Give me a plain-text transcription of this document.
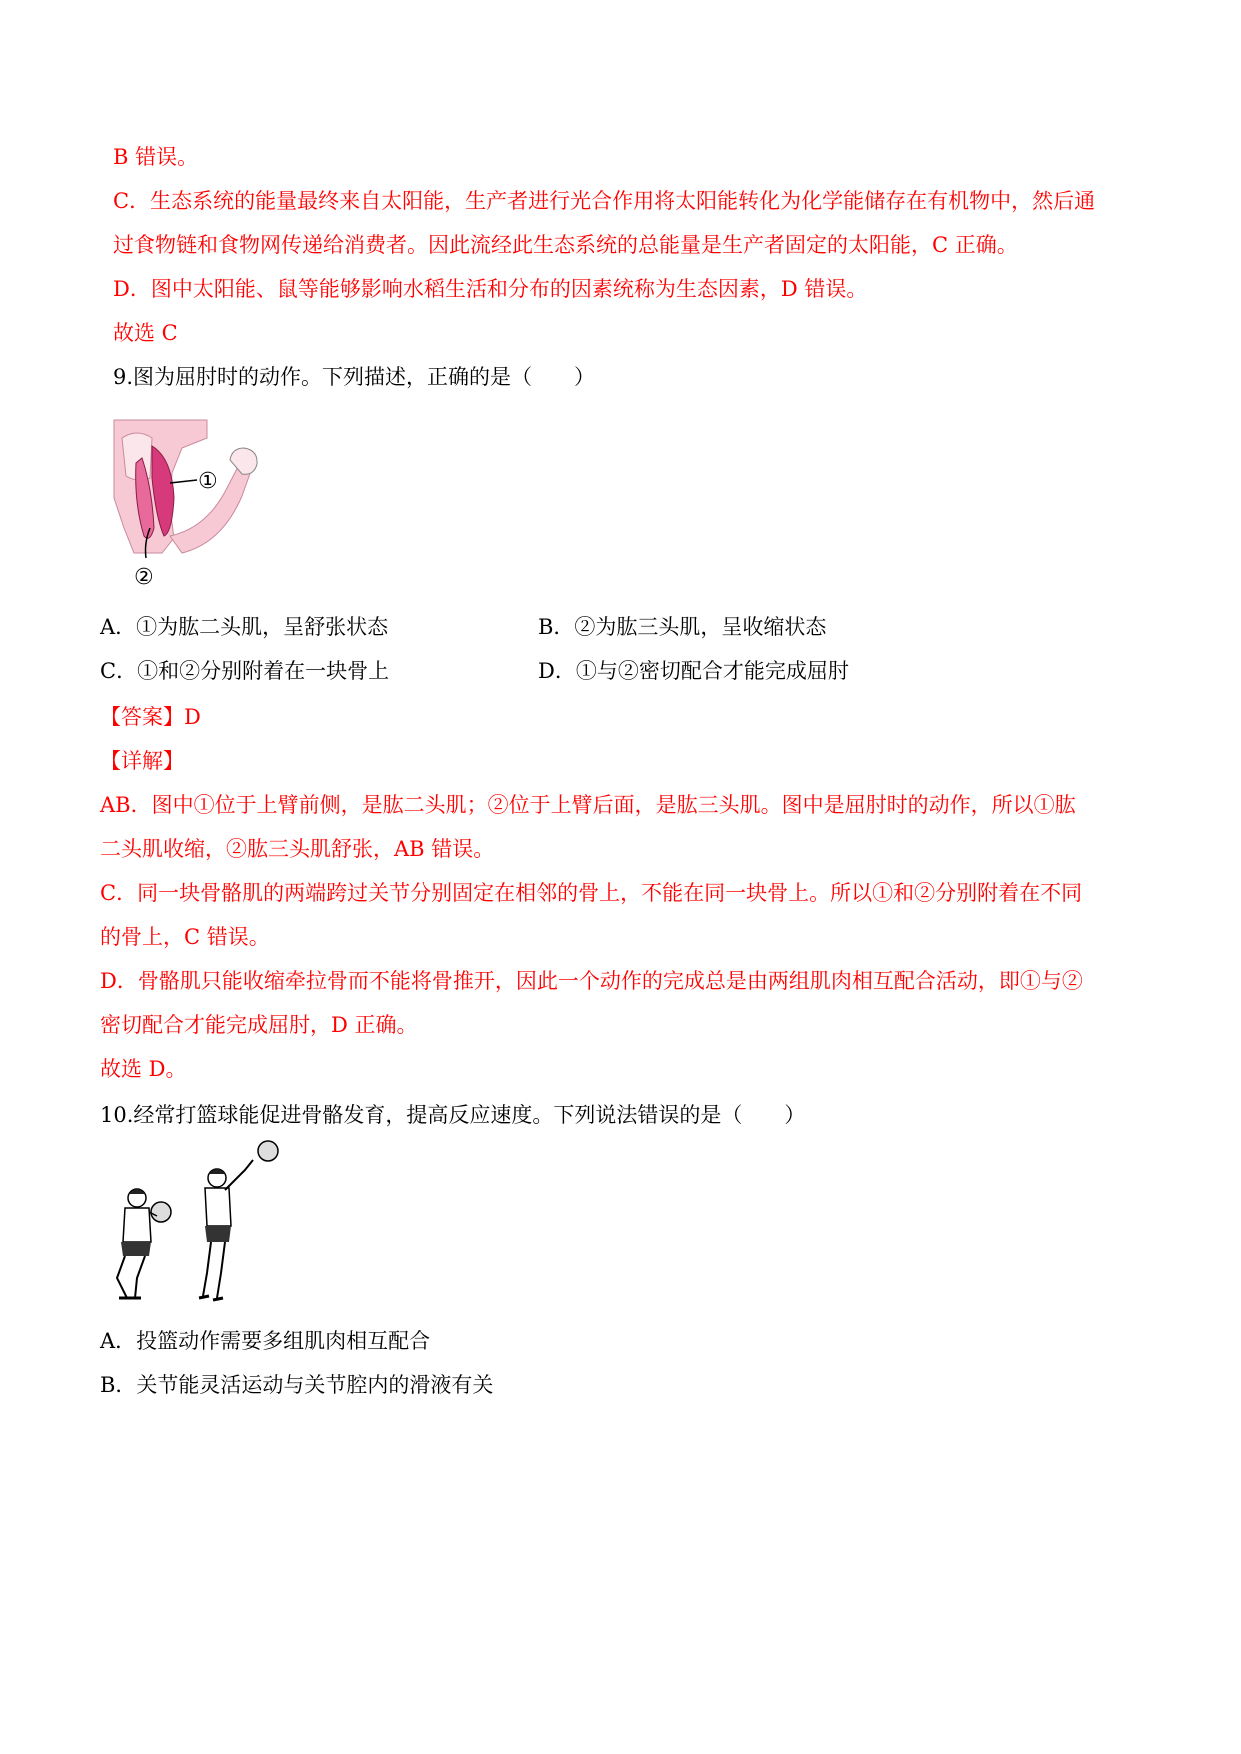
B 错误。
C．生态系统的能量最终来自太阳能，生产者进行光合作用将太阳能转化为化学能储存在有机物中，然后通
过食物链和食物网传递给消费者。因此流经此生态系统的总能量是生产者固定的太阳能，C 正确。
D．图中太阳能、鼠等能够影响水稻生活和分布的因素统称为生态因素，D 错误。
故选 C
9.图为屈肘时的动作。下列描述，正确的是（　　）
①
②
A．①为肱二头肌，呈舒张状态	B．②为肱三头肌，呈收缩状态
C．①和②分别附着在一块骨上	D．①与②密切配合才能完成屈肘
【答案】D
【详解】
AB．图中①位于上臂前侧，是肱二头肌；②位于上臂后面，是肱三头肌。图中是屈肘时的动作，所以①肱
二头肌收缩，②肱三头肌舒张，AB 错误。
C．同一块骨骼肌的两端跨过关节分别固定在相邻的骨上，不能在同一块骨上。所以①和②分别附着在不同
的骨上，C 错误。
D．骨骼肌只能收缩牵拉骨而不能将骨推开，因此一个动作的完成总是由两组肌肉相互配合活动，即①与②
密切配合才能完成屈肘，D 正确。
故选 D。
10.经常打篮球能促进骨骼发育，提高反应速度。下列说法错误的是（　　）
A．投篮动作需要多组肌肉相互配合
B．关节能灵活运动与关节腔内的滑液有关
